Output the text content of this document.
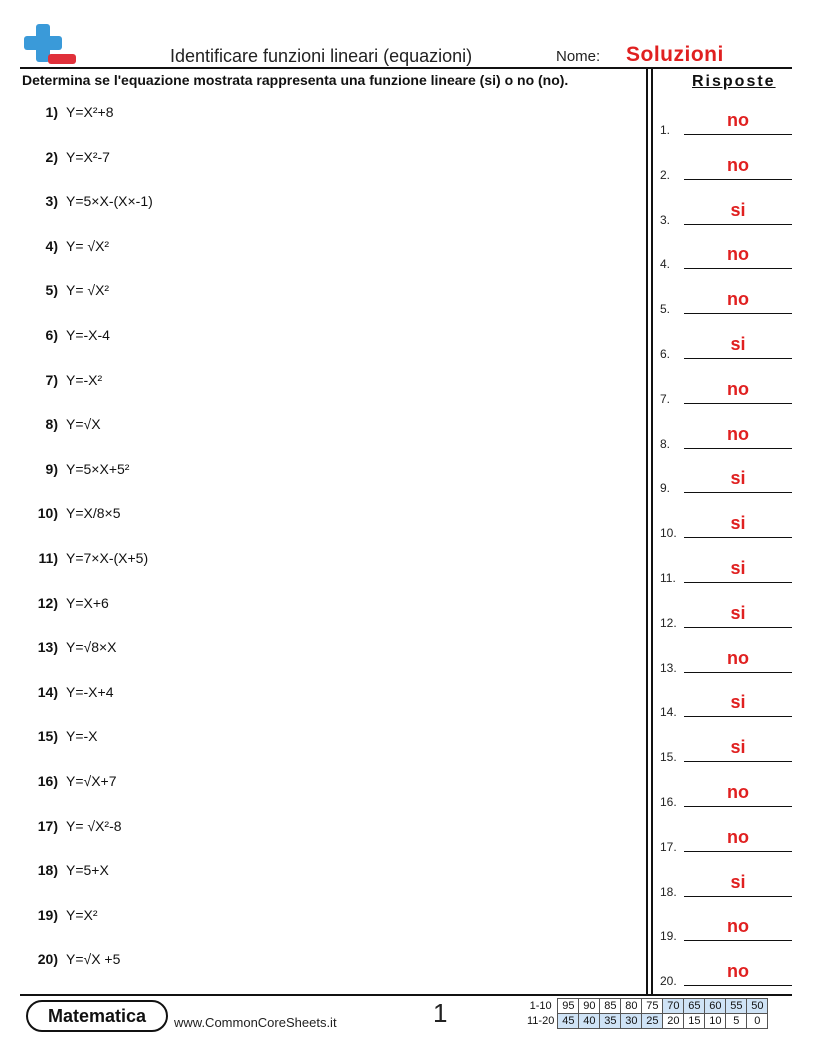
Identificare funzioni lineari (equazioni)	Nome: Soluzioni
Determina se l'equazione mostrata rappresenta una funzione lineare (si) o no (no).	Risposte
1) Y=X²+8
2) Y=X²-7
3) Y=5×X-(X×-1)
4) Y= √X²
5) Y= √X²
6) Y=-X-4
7) Y=-X²
8) Y=√X
9) Y=5×X+5²
10) Y=X/8×5
11) Y=7×X-(X+5)
12) Y=X+6
13) Y=√8×X
14) Y=-X+4
15) Y=-X
16) Y=√X+7
17) Y= √X²-8
18) Y=5+X
19) Y=X²
20) Y=√X +5
1.	no
2.	no
3.	si
4.	no
5.	no
6.	si
7.	no
8.	no
9.	si
10.	si
11.	si
12.	si
13.	no
14.	si
15.	si
16.	no
17.	no
18.	si
19.	no
20.	no
Matematica	www.CommonCoreSheets.it	1	1-10	95	90	85	80	75	70	65	60	55	50
11-20	45	40	35	30	25	20	15	10	5	0
